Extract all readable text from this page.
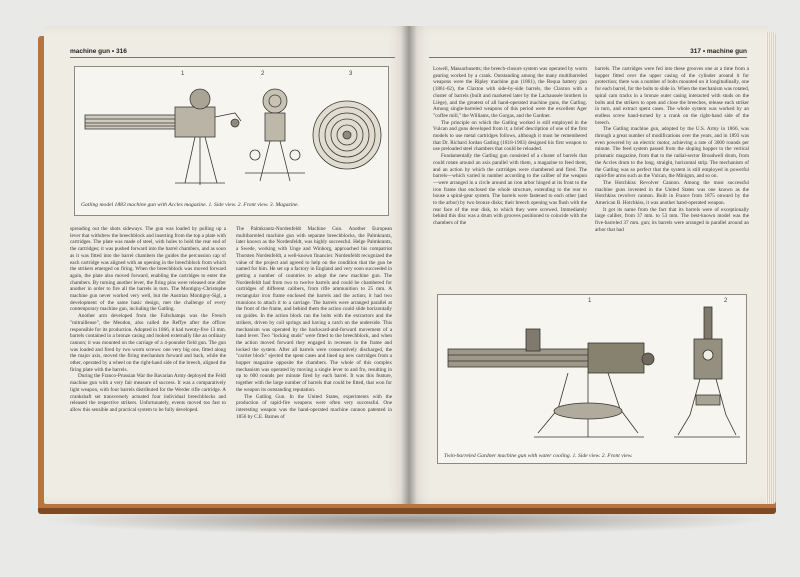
machine gun • 316
1	2	3
Gatling model 1883 machine gun with Accles magazine. 1. Side view. 2. Front view. 3. Magazine.

spreading out the shots sideways. The gun was loaded by pulling up a lever that withdrew the breechblock and inserting from the top a plate with cartridges. The plate was made of steel, with holes to hold the rear end of the cartridges; it was pushed forward into the barrel chambers, and as soon as it was fitted into the barrel chambers the guides the percussion cap of each cartridge was aligned with an opening in the breechblock from which the strikers emerged on firing. When the breechblock was moved forward again, the plate also moved forward, enabling the cartridges to enter the chambers. By turning another lever, the firing pins were released one after another in order to fire all the barrels in turn. The Montigny-Christophe machine gun never worked very well, but the Austrian Montigny-Sigl, a development of the same basic design, met the challenge of every contemporary machine gun, including the Gatling.

Another arm developed from the Fafschamps was the French "mitrailleuse", the Meudon, also called the Reffye after the officer responsible for its production. Adopted in 1866, it had twenty-five 13 mm. barrels contained in a bronze casing and looked externally like an ordinary cannon; it was mounted on the carriage of a 4-pounder field gun. The gun was loaded and fired by two worm screws: one very big one, fitted along the major axis, moved the firing mechanism forward and back, while the other, operated by a wheel on the right-hand side of the breech, aligned the firing plate with the barrels.

During the Franco-Prussian War the Bavarian Army deployed the Feldl machine gun with a very fair measure of success. It was a comparatively light weapon, with four barrels distributed for the Werder rifle cartridge. A crankshaft set transversely actuated four individual breechblocks and released the respective strikers. Unfortunately, events moved too fast to allow this sensible and practical system to be fully developed.

The Palmkrantz-Nordenfeldt Machine Gun. Another European multibarreled machine gun with separate breechblocks, the Palmkrantz, later known as the Nordenfeldt, was highly successful. Helge Palmkrantz, a Swede, working with Unge and Winborg, approached his compatriot Thorsten Nordenfeldt, a well-known financier. Nordenfeldt recognized the value of the project and agreed to help on the condition that the gun be named for him. He set up a factory in England and very soon succeeded in getting a number of countries to adopt the new machine gun. The Nordenfeldt had from two to twelve barrels and could be chambered for cartridges of different calibers, from rifle ammunition to 25 mm. A rectangular iron frame enclosed the barrels and the action; it had two trunnions to attach it to a carriage. The barrels were arranged parallel at the front of the frame, and behind them the action could slide horizontally on guides. In the action block ran the bolts with the extractors and the strikers, driven by coil springs and having a catch on the underside. This mechanism was operated by the backward-and-forward movement of a hand lever. Two "locking studs" were fitted to the breechblock, and when the action moved forward they engaged in recesses in the frame and locked the system. After all barrels were consecutively discharged, the "carrier block" ejected the spent cases and lined up new cartridges from a hopper magazine opposite the chambers. The whole of this complex mechanism was operated by moving a single lever to and fro, resulting in up to 600 rounds per minute fired by each barrel. It was this feature, together with the large number of barrels that could be fitted, that won for the weapon its outstanding reputation.

The Gatling Gun. In the United States, experiments with the production of rapid-fire weapons were often very successful. One interesting weapon was the hand-operated machine cannon patented in 1856 by C.E. Barnes of

317 • machine gun

Lowell, Massachusetts; the breech-closure system was operated by worm gearing worked by a crank. Outstanding among the many multibarreled weapons were the Ripley machine gun (1861), the Requa battery gun (1861-62), the Claxton with side-by-side barrels, the Claxton with a cluster of barrels (built and marketed later by the Lachaussée brothers in Liège), and the greatest of all hand-operated machine guns, the Gatling. Among single-barreled weapons of this period were the excellent Ager "coffee mill," the Williams, the Gorgas, and the Gardner.

The principle on which the Gatling worked is still employed in the Vulcan and guns developed from it; a brief description of one of the first models to use metal cartridges follows, although it must be remembered that Dr. Richard Jordan Gatling (1818-1903) designed his first weapon to use preloaded steel chambers that could be reloaded.

Fundamentally the Gatling gun consisted of a cluster of barrels that could rotate around an axis parallel with them, a magazine to feed them, and an action by which the cartridges were chambered and fired. The barrels—which varied in number according to the caliber of the weapon—were arranged in a circle around an iron arbor hinged at its front to the iron frame that enclosed the whole structure, extending to the rear to house a spiral-gear system. The barrels were fastened to each other (and to the arbor) by two bronze disks; their breech opening was flush with the rear face of the rear disk, to which they were screwed. Immediately behind this disc was a drum with grooves positioned to coincide with the chambers of the

barrels. The cartridges were fed into these grooves one at a time from a hopper fitted over the upper casing of the cylinder around it for protection; there was a number of bolts mounted on it longitudinally, one for each barrel, for the bolts to slide in. When the mechanism was rotated, spiral cam tracks in a bronze outer casing interacted with studs on the bolts and the strikers to open and close the breeches, release each striker in turn, and extract spent cases. The whole system was worked by an endless screw hand-turned by a crank on the right-hand side of the breech.

The Gatling machine gun, adopted by the U.S. Army in 1866, was through a great number of modifications over the years, and in 1893 was even powered by an electric motor, achieving a rate of 3000 rounds per minute. The feed system passed from the sloping hopper to the vertical prismatic magazine, from that to the radial-sector Broadwell drum, from the Accles drum to the long, straight, horizontal strip. The mechanism of the Gatling was so perfect that the system is still employed in powerful rapid-fire arms such as the Vulcan, the Minigun, and so on.

The Hotchkiss Revolver Cannon. Among the most successful machine guns invented in the United States was one known as the Hotchkiss revolver cannon. Built in France from 1875 onward by the American B. Hotchkiss, it was another hand-operated weapon.

It got its name from the fact that its barrels were of exceptionally large caliber, from 37 mm. to 53 mm. The best-known model was the five-barreled 37 mm. gun; its barrels were arranged in parallel around an arbor that had

1	2
Twin-barreled Gardner machine gun with water cooling. 1. Side view. 2. Front view.
